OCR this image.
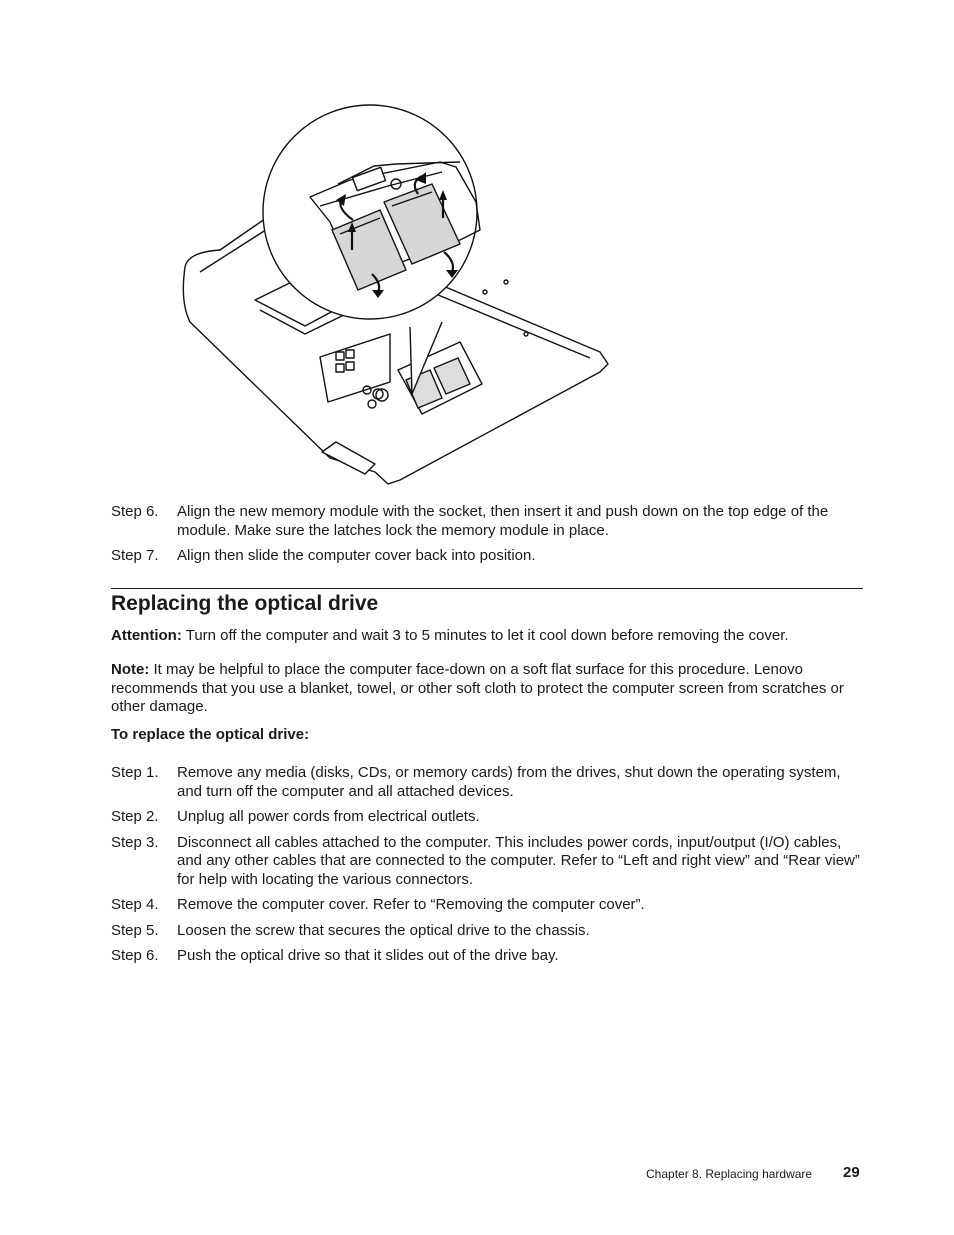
Step 6.	Align the new memory module with the socket, then insert it and push down on the top edge of the module. Make sure the latches lock the memory module in place.
Step 7.	Align then slide the computer cover back into position.
Replacing the optical drive

Attention: Turn off the computer and wait 3 to 5 minutes to let it cool down before removing the cover.

Note: It may be helpful to place the computer face-down on a soft flat surface for this procedure. Lenovo recommends that you use a blanket, towel, or other soft cloth to protect the computer screen from scratches or other damage.

To replace the optical drive:

Step 1.	Remove any media (disks, CDs, or memory cards) from the drives, shut down the operating system, and turn off the computer and all attached devices.
Step 2.	Unplug all power cords from electrical outlets.
Step 3.	Disconnect all cables attached to the computer. This includes power cords, input/output (I/O) cables, and any other cables that are connected to the computer. Refer to “Left and right view” and “Rear view” for help with locating the various connectors.
Step 4.	Remove the computer cover. Refer to “Removing the computer cover”.
Step 5.	Loosen the screw that secures the optical drive to the chassis.
Step 6.	Push the optical drive so that it slides out of the drive bay.
Chapter 8. Replacing hardware 29
